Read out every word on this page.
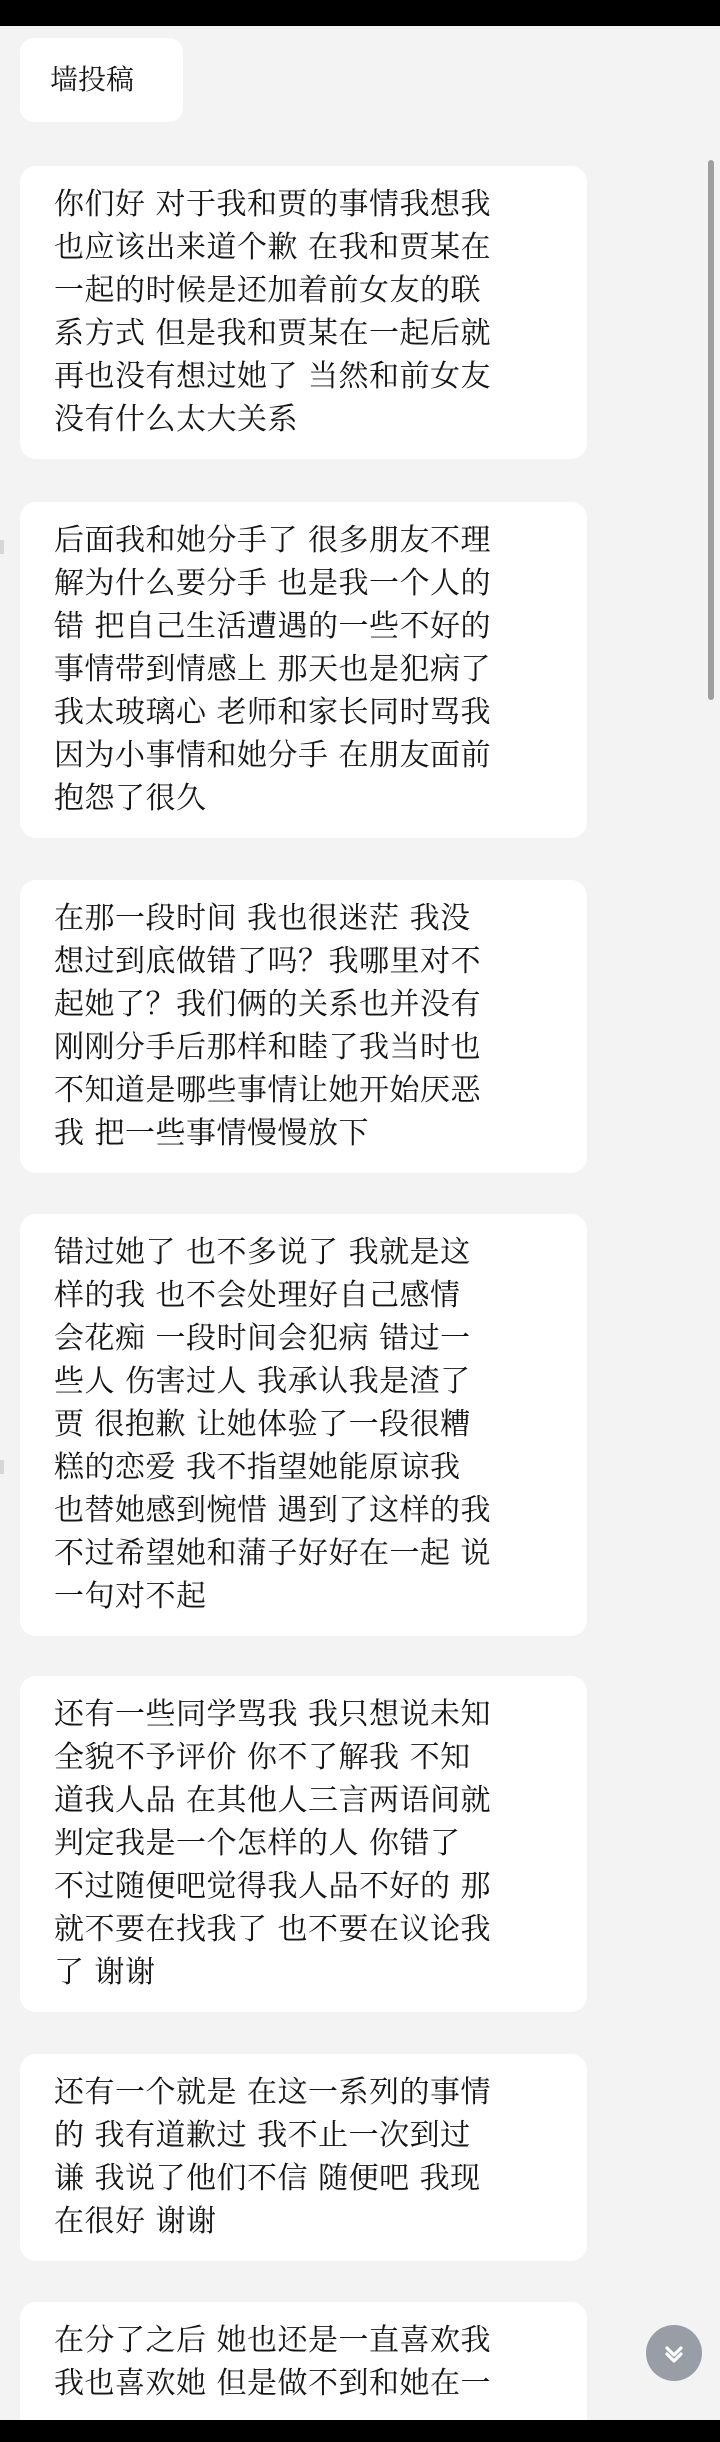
墙投稿
你们好 对于我和贾的事情我想我
也应该出来道个歉 在我和贾某在
一起的时候是还加着前女友的联
系方式 但是我和贾某在一起后就
再也没有想过她了 当然和前女友
没有什么太大关系
后面我和她分手了 很多朋友不理
解为什么要分手 也是我一个人的
错 把自己生活遭遇的一些不好的
事情带到情感上 那天也是犯病了
我太玻璃心 老师和家长同时骂我
因为小事情和她分手 在朋友面前
抱怨了很久
在那一段时间 我也很迷茫 我没
想过到底做错了吗？我哪里对不
起她了？我们俩的关系也并没有
刚刚分手后那样和睦了我当时也
不知道是哪些事情让她开始厌恶
我 把一些事情慢慢放下
错过她了 也不多说了 我就是这
样的我 也不会处理好自己感情
会花痴 一段时间会犯病 错过一
些人 伤害过人 我承认我是渣了
贾 很抱歉 让她体验了一段很糟
糕的恋爱 我不指望她能原谅我
也替她感到惋惜 遇到了这样的我
不过希望她和蒲子好好在一起 说
一句对不起
还有一些同学骂我 我只想说未知
全貌不予评价 你不了解我 不知
道我人品 在其他人三言两语间就
判定我是一个怎样的人 你错了
不过随便吧觉得我人品不好的 那
就不要在找我了 也不要在议论我
了 谢谢
还有一个就是 在这一系列的事情
的 我有道歉过 我不止一次到过
谦 我说了他们不信 随便吧 我现
在很好 谢谢
在分了之后 她也还是一直喜欢我
我也喜欢她 但是做不到和她在一
